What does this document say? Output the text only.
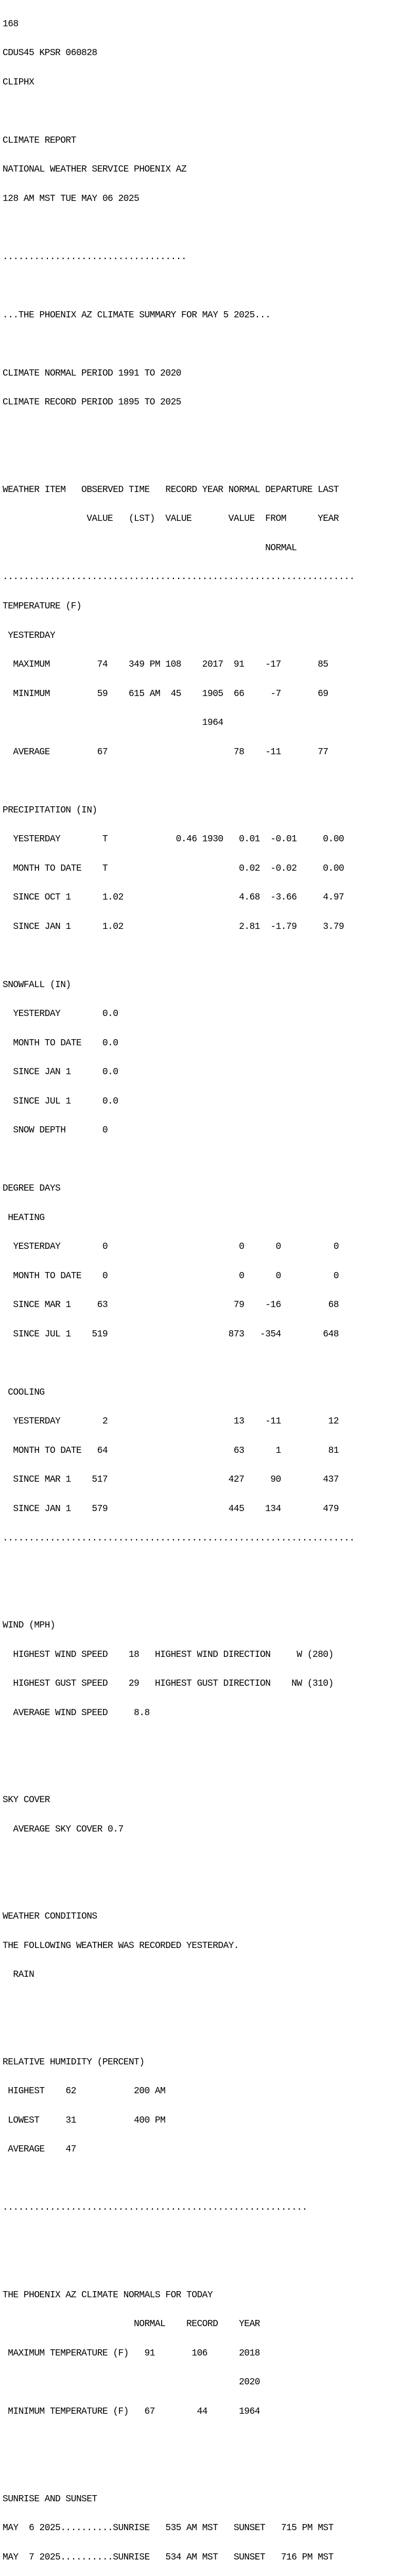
168

CDUS45 KPSR 060828

CLIPHX

CLIMATE REPORT

NATIONAL WEATHER SERVICE PHOENIX AZ

128 AM MST TUE MAY 06 2025

...................................

...THE PHOENIX AZ CLIMATE SUMMARY FOR MAY 5 2025...

CLIMATE NORMAL PERIOD 1991 TO 2020

CLIMATE RECORD PERIOD 1895 TO 2025

WEATHER ITEM   OBSERVED TIME   RECORD YEAR NORMAL DEPARTURE LAST

VALUE   (LST)  VALUE       VALUE  FROM      YEAR

NORMAL

...................................................................

TEMPERATURE (F)

YESTERDAY

MAXIMUM         74    349 PM 108    2017  91    -17       85

MINIMUM         59    615 AM  45    1905  66     -7       69

1964

AVERAGE         67                        78    -11       77

PRECIPITATION (IN)

YESTERDAY        T             0.46 1930   0.01  -0.01     0.00

MONTH TO DATE    T                         0.02  -0.02     0.00

SINCE OCT 1      1.02                      4.68  -3.66     4.97

SINCE JAN 1      1.02                      2.81  -1.79     3.79

SNOWFALL (IN)

YESTERDAY        0.0

MONTH TO DATE    0.0

SINCE JAN 1      0.0

SINCE JUL 1      0.0

SNOW DEPTH       0

DEGREE DAYS

HEATING

YESTERDAY        0                         0      0          0

MONTH TO DATE    0                         0      0          0

SINCE MAR 1     63                        79    -16         68

SINCE JUL 1    519                       873   -354        648

COOLING

YESTERDAY        2                        13    -11         12

MONTH TO DATE   64                        63      1         81

SINCE MAR 1    517                       427     90        437

SINCE JAN 1    579                       445    134        479

...................................................................

WIND (MPH)

HIGHEST WIND SPEED    18   HIGHEST WIND DIRECTION     W (280)

HIGHEST GUST SPEED    29   HIGHEST GUST DIRECTION    NW (310)

AVERAGE WIND SPEED     8.8

SKY COVER

AVERAGE SKY COVER 0.7

WEATHER CONDITIONS

THE FOLLOWING WEATHER WAS RECORDED YESTERDAY.

RAIN

RELATIVE HUMIDITY (PERCENT)

HIGHEST    62           200 AM

LOWEST     31           400 PM

AVERAGE    47

..........................................................

THE PHOENIX AZ CLIMATE NORMALS FOR TODAY

NORMAL    RECORD    YEAR

MAXIMUM TEMPERATURE (F)   91       106      2018

2020

MINIMUM TEMPERATURE (F)   67        44      1964

SUNRISE AND SUNSET

MAY  6 2025..........SUNRISE   535 AM MST   SUNSET   715 PM MST

MAY  7 2025..........SUNRISE   534 AM MST   SUNSET   716 PM MST
